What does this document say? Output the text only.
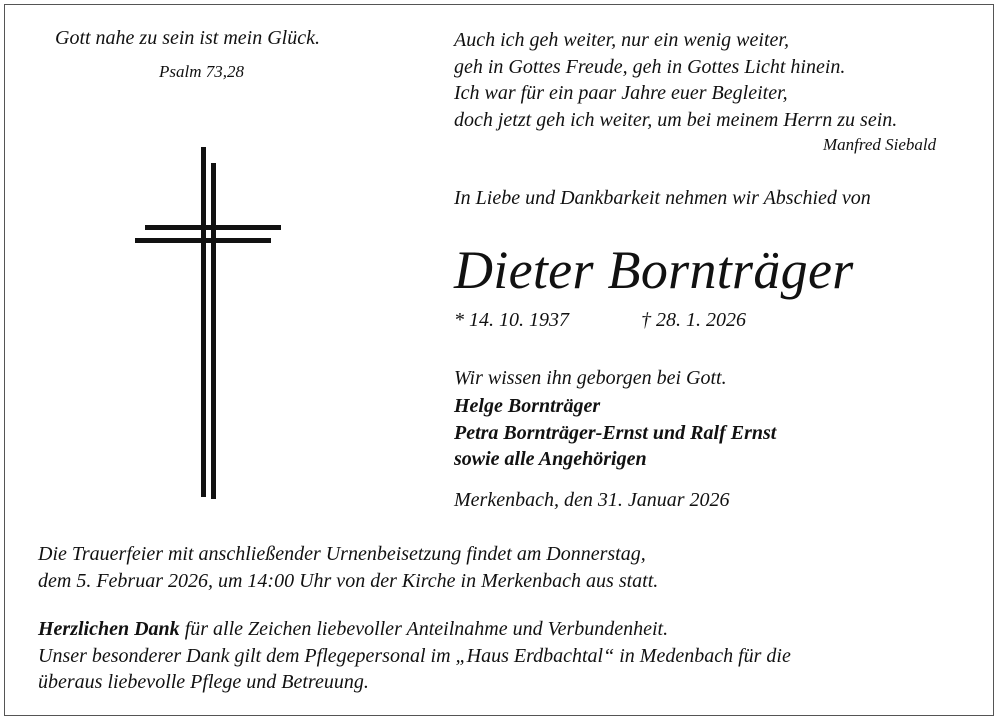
Gott nahe zu sein ist mein Glück.
Psalm 73,28
Auch ich geh weiter, nur ein wenig weiter,
geh in Gottes Freude, geh in Gottes Licht hinein.
Ich war für ein paar Jahre euer Begleiter,
doch jetzt geh ich weiter, um bei meinem Herrn zu sein.
Manfred Siebald
In Liebe und Dankbarkeit nehmen wir Abschied von
Dieter Bornträger
* 14. 10. 1937	† 28. 1. 2026
Wir wissen ihn geborgen bei Gott.
Helge Bornträger
Petra Bornträger-Ernst und Ralf Ernst
sowie alle Angehörigen
Merkenbach, den 31. Januar 2026
Die Trauerfeier mit anschließender Urnenbeisetzung findet am Donnerstag,
dem 5. Februar 2026, um 14:00 Uhr von der Kirche in Merkenbach aus statt.
Herzlichen Dank für alle Zeichen liebevoller Anteilnahme und Verbundenheit.
Unser besonderer Dank gilt dem Pflegepersonal im „Haus Erdbachtal“ in Medenbach für die
überaus liebevolle Pflege und Betreuung.
